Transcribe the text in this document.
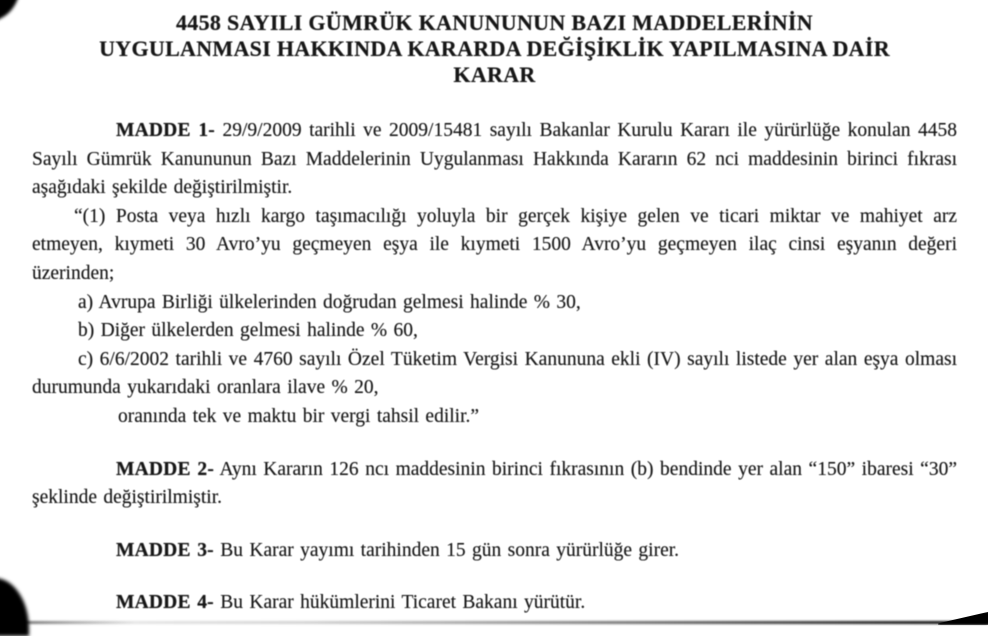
4458 SAYILI GÜMRÜK KANUNUNUN BAZI MADDELERİNİN
UYGULANMASI HAKKINDA KARARDA DEĞİŞİKLİK YAPILMASINA DAİR
KARAR

MADDE 1- 29/9/2009 tarihli ve 2009/15481 sayılı Bakanlar Kurulu Kararı ile yürürlüğe konulan 4458 Sayılı Gümrük Kanununun Bazı Maddelerinin Uygulanması Hakkında Kararın 62 nci maddesinin birinci fıkrası aşağıdaki şekilde değiştirilmiştir.

“(1) Posta veya hızlı kargo taşımacılığı yoluyla bir gerçek kişiye gelen ve ticari miktar ve mahiyet arz etmeyen, kıymeti 30 Avro’yu geçmeyen eşya ile kıymeti 1500 Avro’yu geçmeyen ilaç cinsi eşyanın değeri üzerinden;

a) Avrupa Birliği ülkelerinden doğrudan gelmesi halinde % 30,

b) Diğer ülkelerden gelmesi halinde % 60,

c) 6/6/2002 tarihli ve 4760 sayılı Özel Tüketim Vergisi Kanununa ekli (IV) sayılı listede yer alan eşya olması durumunda yukarıdaki oranlara ilave % 20,

oranında tek ve maktu bir vergi tahsil edilir.”

MADDE 2- Aynı Kararın 126 ncı maddesinin birinci fıkrasının (b) bendinde yer alan “150” ibaresi “30” şeklinde değiştirilmiştir.

MADDE 3- Bu Karar yayımı tarihinden 15 gün sonra yürürlüğe girer.

MADDE 4- Bu Karar hükümlerini Ticaret Bakanı yürütür.
